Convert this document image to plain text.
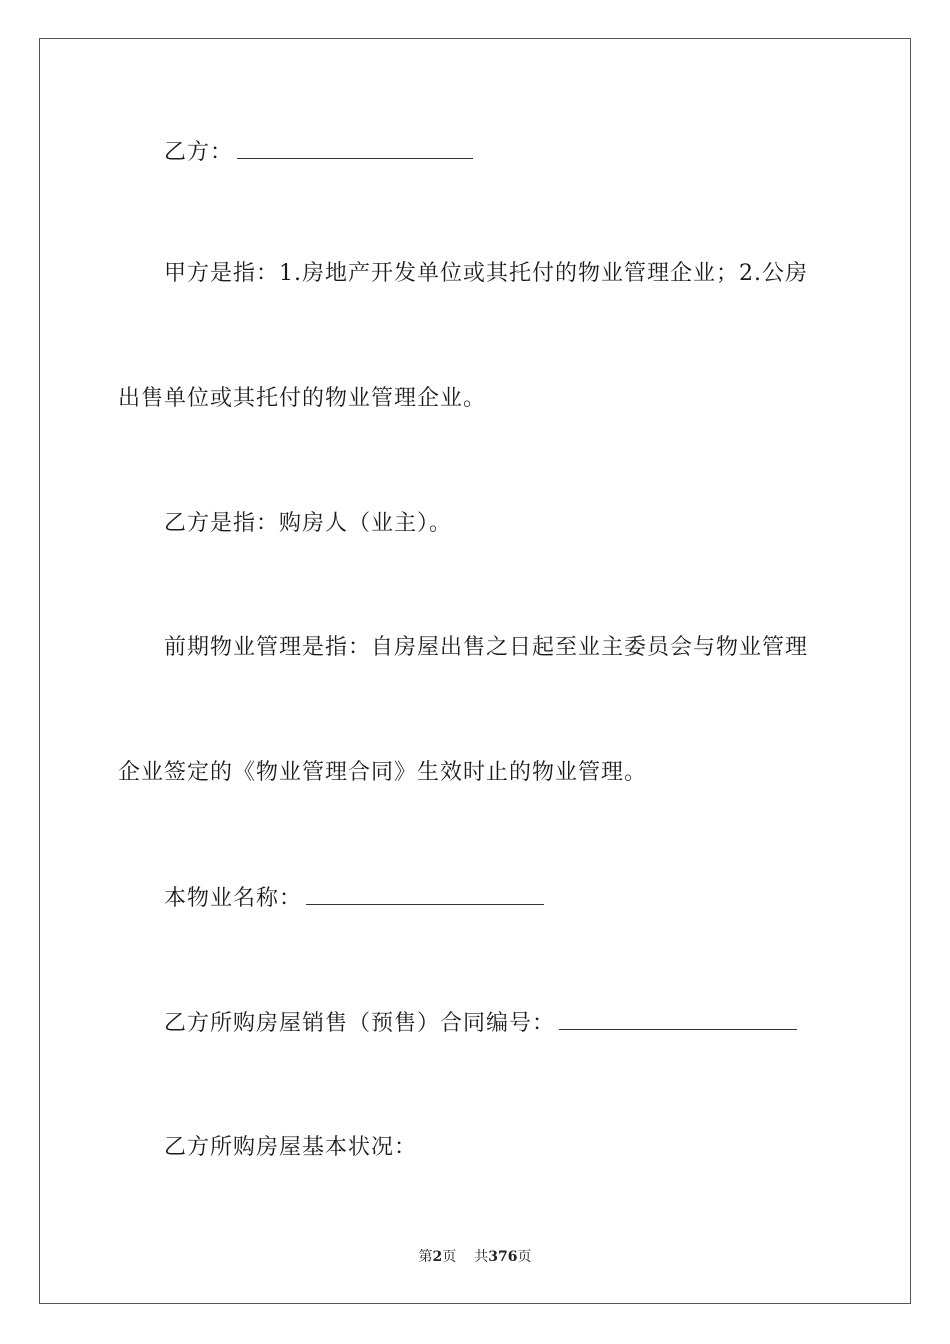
乙方：
甲方是指：1.房地产开发单位或其托付的物业管理企业；2.公房
出售单位或其托付的物业管理企业。
乙方是指：购房人（业主）。
前期物业管理是指：自房屋出售之日起至业主委员会与物业管理
企业签定的《物业管理合同》生效时止的物业管理。
本物业名称：
乙方所购房屋销售（预售）合同编号：
乙方所购房屋基本状况：
第2页 共376页
